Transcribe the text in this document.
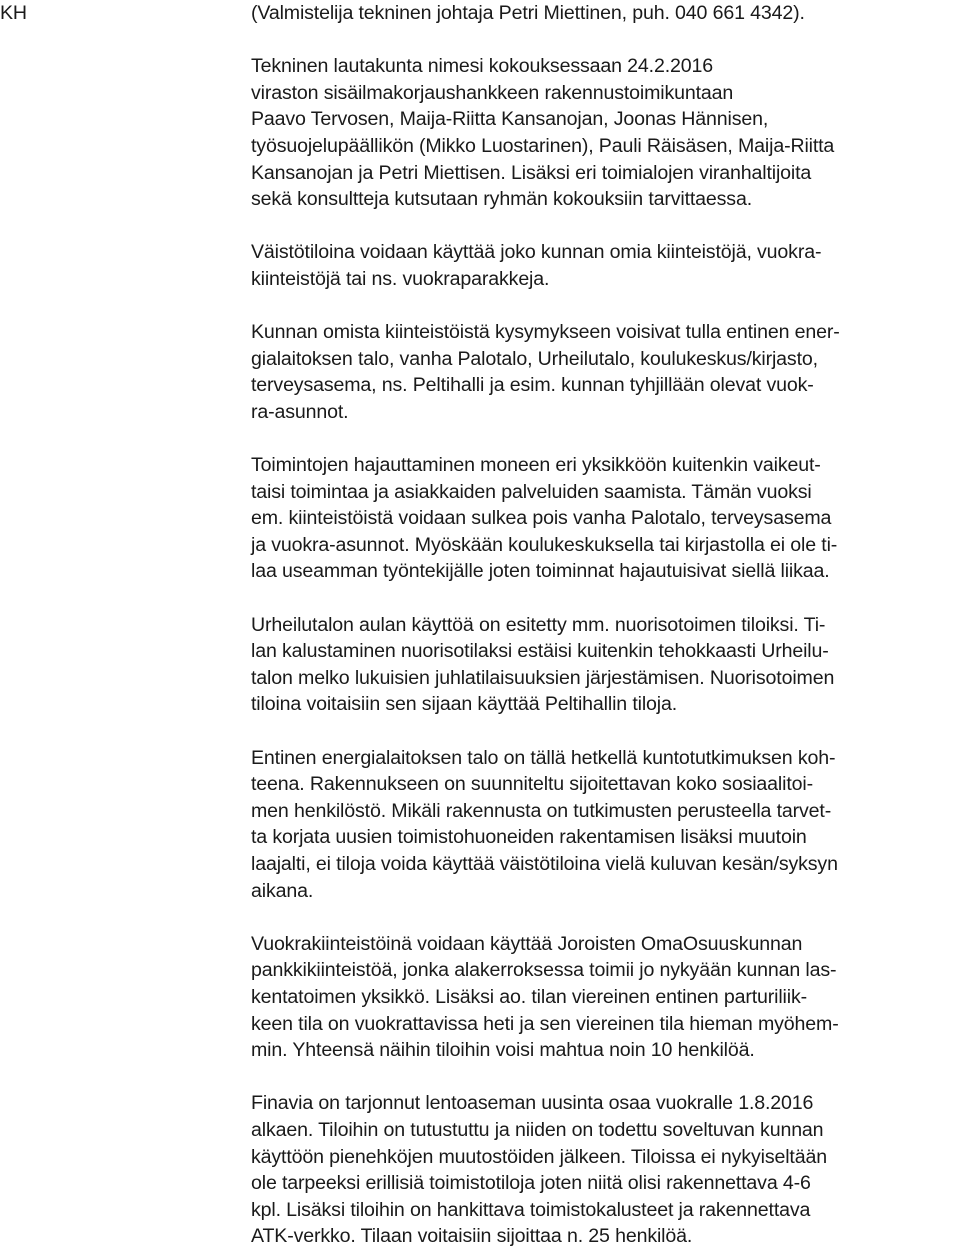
KH	(Valmistelija tekninen johtaja Petri Miettinen, puh. 040 661 4342).
Tekninen lautakunta nimesi kokouksessaan 24.2.2016
viraston sisäilmakorjaushankkeen rakennustoimikuntaan
Paavo Tervosen, Maija-Riitta Kansanojan, Joonas Hännisen,
työsuojelupäällikön (Mikko Luostarinen), Pauli Räisäsen, Maija-Riitta
Kansanojan ja Petri Miettisen. Lisäksi eri toimialojen viranhaltijoita
sekä konsultteja kutsutaan ryhmän kokouksiin tarvittaessa.
Väistötiloina voidaan käyttää joko kunnan omia kiinteistöjä, vuokra-
kiinteistöjä tai ns. vuokraparakkeja.
Kunnan omista kiinteistöistä kysymykseen voisivat tulla entinen ener-
gialaitoksen talo, vanha Palotalo, Urheilutalo, koulukeskus/kirjasto,
terveysasema, ns. Peltihalli ja esim. kunnan tyhjillään olevat vuok-
ra-asunnot.
Toimintojen hajauttaminen moneen eri yksikköön kuitenkin vaikeut-
taisi toimintaa ja asiakkaiden palveluiden saamista. Tämän vuoksi
em. kiinteistöistä voidaan sulkea pois vanha Palotalo, terveysasema
ja vuokra-asunnot. Myöskään koulukeskuksella tai kirjastolla ei ole ti-
laa useamman työntekijälle joten toiminnat hajautuisivat siellä liikaa.
Urheilutalon aulan käyttöä on esitetty mm. nuorisotoimen tiloiksi. Ti-
lan kalustaminen nuorisotilaksi estäisi kuitenkin tehokkaasti Urheilu-
talon melko lukuisien juhlatilaisuuksien järjestämisen. Nuorisotoimen
tiloina voitaisiin sen sijaan käyttää Peltihallin tiloja.
Entinen energialaitoksen talo on tällä hetkellä kuntotutkimuksen koh-
teena. Rakennukseen on suunniteltu sijoitettavan koko sosiaalitoi-
men henkilöstö. Mikäli rakennusta on tutkimusten perusteella tarvet-
ta korjata uusien toimistohuoneiden rakentamisen lisäksi muutoin
laajalti, ei tiloja voida käyttää väistötiloina vielä kuluvan kesän/syksyn
aikana.
Vuokrakiinteistöinä voidaan käyttää Joroisten OmaOsuuskunnan
pankkikiinteistöä, jonka alakerroksessa toimii jo nykyään kunnan las-
kentatoimen yksikkö. Lisäksi ao. tilan viereinen entinen parturiliik-
keen tila on vuokrattavissa heti ja sen viereinen tila hieman myöhem-
min. Yhteensä näihin tiloihin voisi mahtua noin 10 henkilöä.
Finavia on tarjonnut lentoaseman uusinta osaa vuokralle 1.8.2016
alkaen. Tiloihin on tutustuttu ja niiden on todettu soveltuvan kunnan
käyttöön pienehköjen muutostöiden jälkeen. Tiloissa ei nykyiseltään
ole tarpeeksi erillisiä toimistotiloja joten niitä olisi rakennettava 4-6
kpl. Lisäksi tiloihin on hankittava toimistokalusteet ja rakennettava
ATK-verkko. Tilaan voitaisiin sijoittaa n. 25 henkilöä.
